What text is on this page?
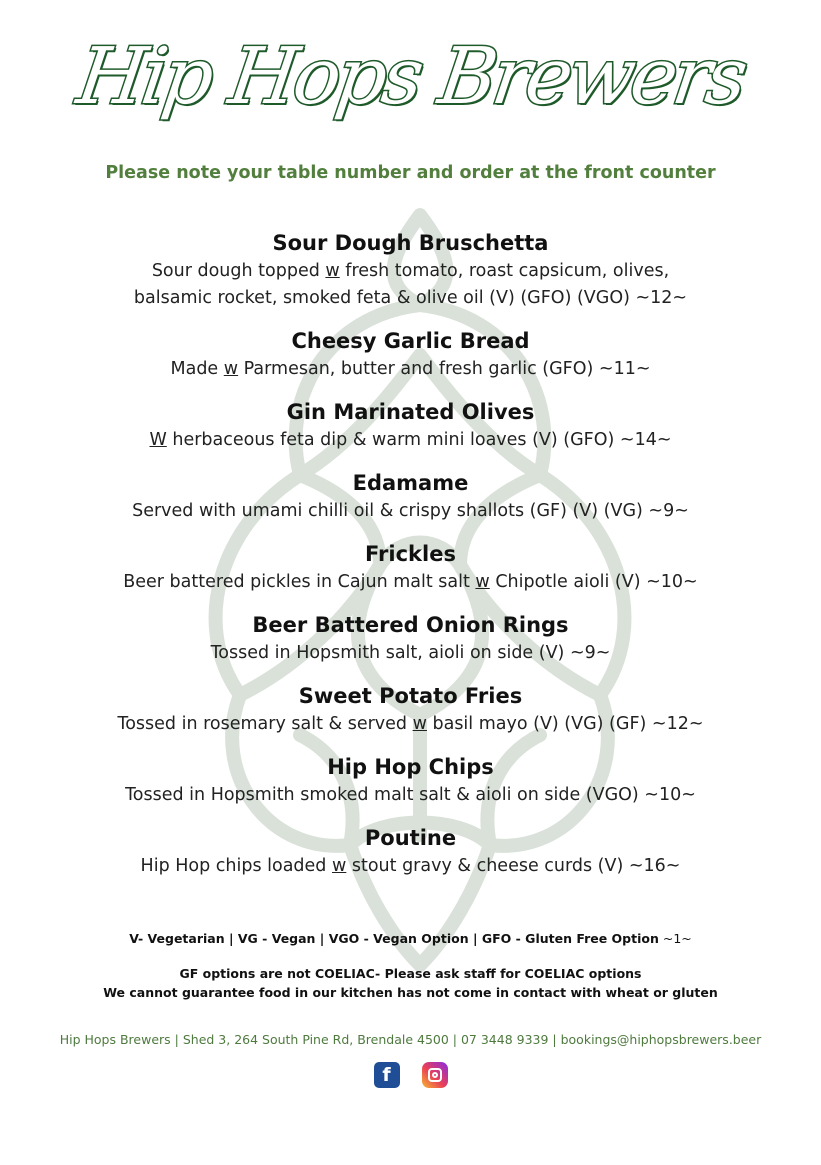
Hip Hops Brewers
Please note your table number and order at the front counter
Sour Dough Bruschetta
Sour dough topped w fresh tomato, roast capsicum, olives,
balsamic rocket, smoked feta & olive oil (V) (GFO) (VGO) ~12~
Cheesy Garlic Bread
Made w Parmesan, butter and fresh garlic (GFO) ~11~
Gin Marinated Olives
W herbaceous feta dip & warm mini loaves (V) (GFO) ~14~
Edamame
Served with umami chilli oil & crispy shallots (GF) (V) (VG) ~9~
Frickles
Beer battered pickles in Cajun malt salt w Chipotle aioli (V) ~10~
Beer Battered Onion Rings
Tossed in Hopsmith salt, aioli on side (V) ~9~
Sweet Potato Fries
Tossed in rosemary salt & served w basil mayo (V) (VG) (GF) ~12~
Hip Hop Chips
Tossed in Hopsmith smoked malt salt & aioli on side (VGO) ~10~
Poutine
Hip Hop chips loaded w stout gravy & cheese curds (V) ~16~
V- Vegetarian | VG - Vegan | VGO - Vegan Option | GFO - Gluten Free Option ~1~
GF options are not COELIAC- Please ask staff for COELIAC options
We cannot guarantee food in our kitchen has not come in contact with wheat or gluten
Hip Hops Brewers | Shed 3, 264 South Pine Rd, Brendale 4500 | 07 3448 9339 | bookings@hiphopsbrewers.beer
f
